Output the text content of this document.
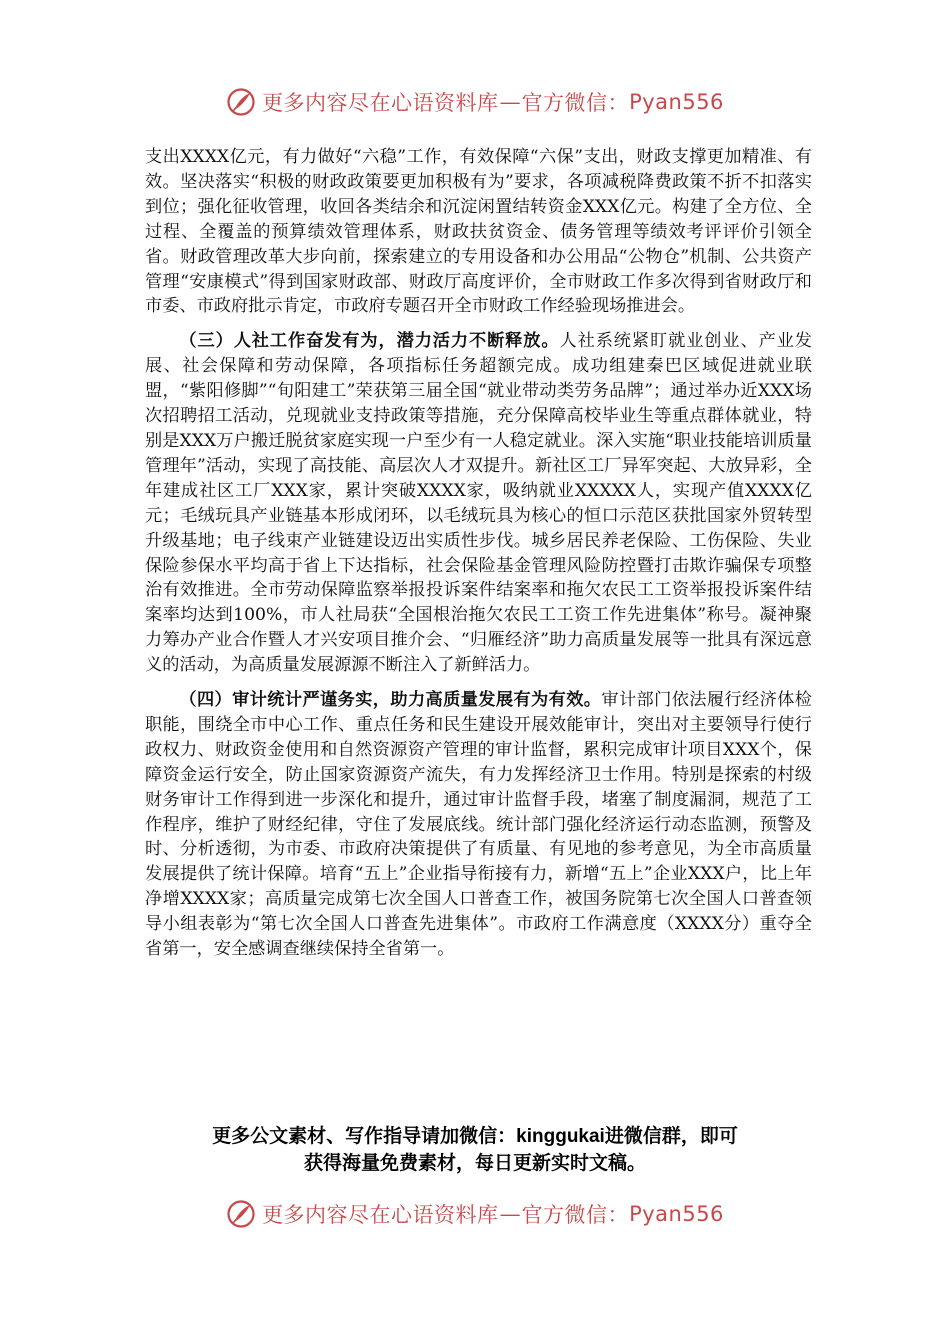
更多内容尽在心语资料库 — 官方微信： Pyan556

支出XXXX亿元，有力做好“六稳”工作，有效保障“六保”支出，财政支撑更加精准、有效。坚决落实“积极的财政政策要更加积极有为”要求，各项减税降费政策不折不扣落实到位；强化征收管理，收回各类结余和沉淀闲置结转资金XXX亿元。构建了全方位、全过程、全覆盖的预算绩效管理体系，财政扶贫资金、债务管理等绩效考评评价引领全省。财政管理改革大步向前，探索建立的专用设备和办公用品“公物仓”机制、公共资产管理“安康模式”得到国家财政部、财政厅高度评价，全市财政工作多次得到省财政厅和市委、市政府批示肯定，市政府专题召开全市财政工作经验现场推进会。

（三）人社工作奋发有为，潜力活力不断释放。人社系统紧盯就业创业、产业发展、社会保障和劳动保障，各项指标任务超额完成。成功组建秦巴区域促进就业联盟，“紫阳修脚”“旬阳建工”荣获第三届全国“就业带动类劳务品牌”；通过举办近XXX场次招聘招工活动，兑现就业支持政策等措施，充分保障高校毕业生等重点群体就业，特别是XXX万户搬迁脱贫家庭实现一户至少有一人稳定就业。深入实施“职业技能培训质量管理年”活动，实现了高技能、高层次人才双提升。新社区工厂异军突起、大放异彩，全年建成社区工厂XXX家，累计突破XXXX家，吸纳就业XXXXX人，实现产值XXXX亿元；毛绒玩具产业链基本形成闭环，以毛绒玩具为核心的恒口示范区获批国家外贸转型升级基地；电子线束产业链建设迈出实质性步伐。城乡居民养老保险、工伤保险、失业保险参保水平均高于省上下达指标，社会保险基金管理风险防控暨打击欺诈骗保专项整治有效推进。全市劳动保障监察举报投诉案件结案率和拖欠农民工工资举报投诉案件结案率均达到100%，市人社局获“全国根治拖欠农民工工资工作先进集体”称号。凝神聚力筹办产业合作暨人才兴安项目推介会、“归雁经济”助力高质量发展等一批具有深远意义的活动，为高质量发展源源不断注入了新鲜活力。

（四）审计统计严谨务实，助力高质量发展有为有效。审计部门依法履行经济体检职能，围绕全市中心工作、重点任务和民生建设开展效能审计，突出对主要领导行使行政权力、财政资金使用和自然资源资产管理的审计监督，累积完成审计项目XXX个，保障资金运行安全，防止国家资源资产流失，有力发挥经济卫士作用。特别是探索的村级财务审计工作得到进一步深化和提升，通过审计监督手段，堵塞了制度漏洞，规范了工作程序，维护了财经纪律，守住了发展底线。统计部门强化经济运行动态监测，预警及时、分析透彻，为市委、市政府决策提供了有质量、有见地的参考意见，为全市高质量发展提供了统计保障。培育“五上”企业指导衔接有力，新增“五上”企业XXX户，比上年净增XXXX家；高质量完成第七次全国人口普查工作，被国务院第七次全国人口普查领导小组表彰为“第七次全国人口普查先进集体”。市政府工作满意度（XXXX分）重夺全省第一，安全感调查继续保持全省第一。

更多公文素材、写作指导请加微信：kinggukai进微信群，即可
获得海量免费素材，每日更新实时文稿。
更多内容尽在心语资料库 — 官方微信： Pyan556
